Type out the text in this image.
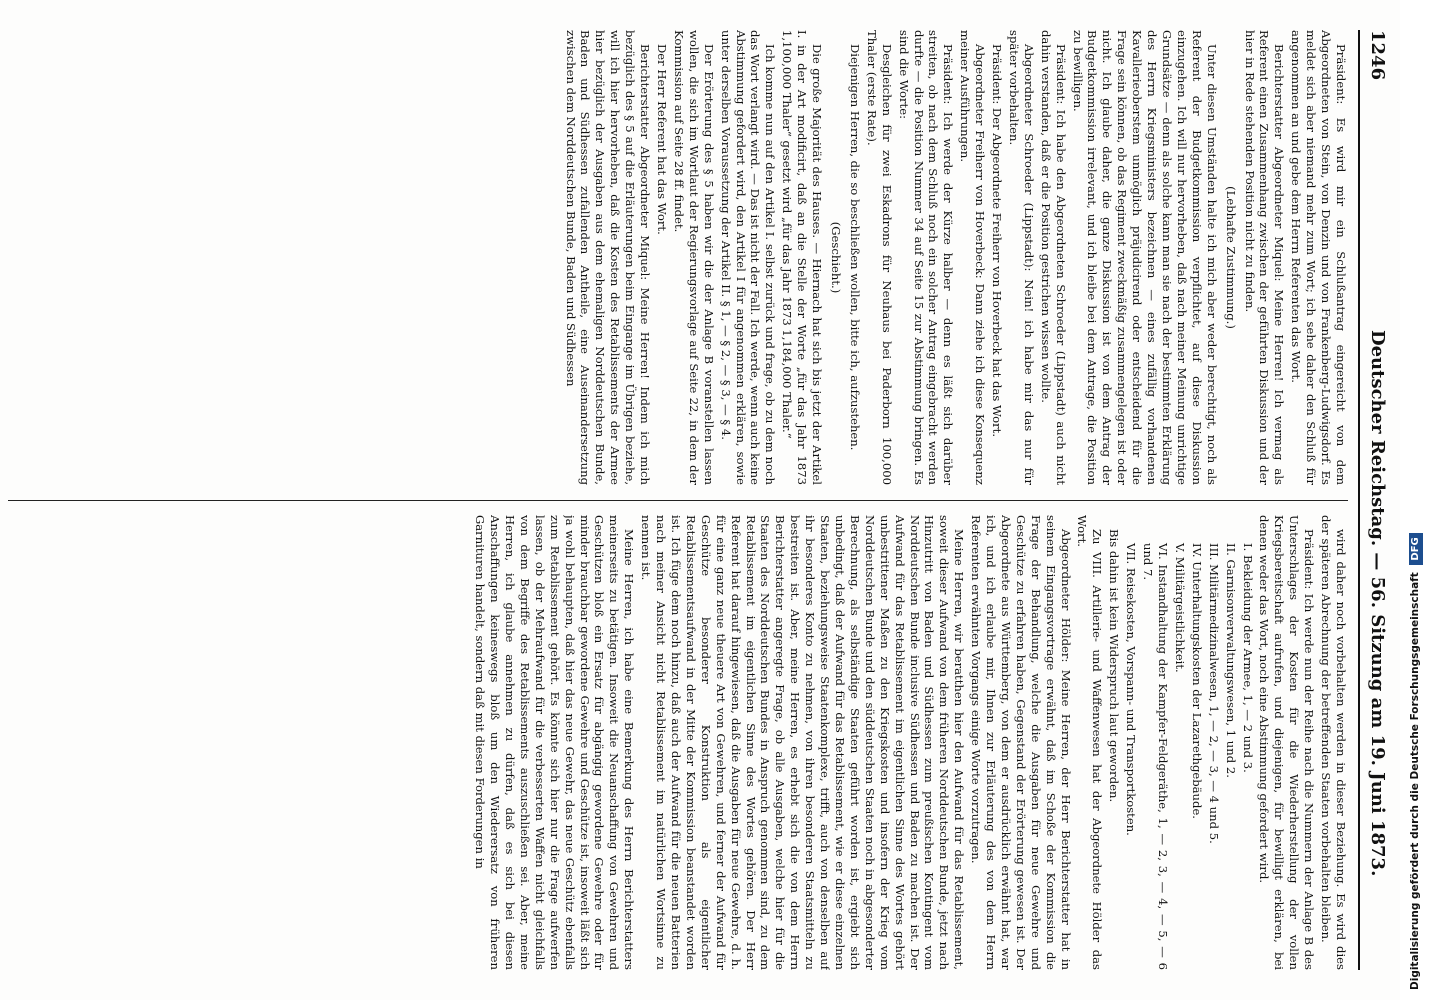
1246
Deutscher Reichstag. — 56. Sitzung am 19. Juni 1873.

Präsident: Es wird mir ein Schlußantrag eingereicht von dem Abgeordneten von Stein, von Denzin und von Frankenberg-Ludwigsdorf. Es meldet sich aber niemand mehr zum Wort; ich sehe daher den Schluß für angenommen an und gebe dem Herrn Referenten das Wort.

Berichterstatter Abgeordneter Miquel: Meine Herren! Ich vermag als Referent einen Zusammenhang zwischen der geführten Diskussion und der hier in Rede stehenden Position nicht zu finden.

(Lebhafte Zustimmung.)

Unter diesen Umständen halte ich mich aber weder berechtigt, noch als Referent der Budgetkommission verpflichtet, auf diese Diskussion einzugehen. Ich will nur hervorheben, daß nach meiner Meinung unrichtige Grundsätze — denn als solche kann man sie nach der bestimmten Erklärung des Herrn Kriegsministers bezeichnen — eines zufällig vorhandenen Kavallerieoberstem unmöglich präjudicirend oder entscheidend für die Frage sein können, ob das Regiment zweckmäßig zusammengelegen ist oder nicht. Ich glaube daher, die ganze Diskussion ist von dem Antrag der Budgetkommission irrelevant, und ich bleibe bei dem Antrage, die Position zu bewilligen.

Präsident: Ich habe den Abgeordneten Schroeder (Lippstadt) auch nicht dahin verstanden, daß er die Position gestrichen wissen wollte.

Abgeordneter Schroeder (Lippstadt): Nein! ich habe mir das nur für später vorbehalten.

Präsident: Der Abgeordnete Freiherr von Hoverbeck hat das Wort.

Abgeordneter Freiherr von Hoverbeck: Dann ziehe ich diese Konsequenz meiner Ausführungen.

Präsident: Ich werde der Kürze halber — denn es läßt sich darüber streiten, ob nach dem Schluß noch ein solcher Antrag eingebracht werden durfte — die Position Nummer 34 auf Seite 15 zur Abstimmung bringen. Es sind die Worte:

Desgleichen für zwei Eskadrons für Neuhaus bei Paderborn 100,000 Thaler (erste Rate).

Diejenigen Herren, die so beschließen wollen, bitte ich, aufzustehen.

(Geschieht.)

Die große Majorität des Hauses. — Hiernach hat sich bis jetzt der Artikel I. in der Art modificirt, daß an die Stelle der Worte „für das Jahr 1873 1,100,000 Thaler“ gesetzt wird „für das Jahr 1873 1,184,000 Thaler.“

Ich komme nun auf den Artikel I. selbst zurück und frage, ob zu dem noch das Wort verlangt wird. — Das ist nicht der Fall. Ich werde, wenn auch keine Abstimmung gefordert wird, den Artikel I für angenommen erklären, sowie unter derselben Voraussetzung der Artikel II. § 1, — § 2, — § 3, — § 4.

Der Erörterung des § 5 haben wir die der Anlage B voranstellen lassen wollen, die sich im Wortlaut der Regierungsvorlage auf Seite 22, in dem der Kommission auf Seite 28 ff. findet.

Der Herr Referent hat das Wort.

Berichterstatter Abgeordneter Miquel: Meine Herren! Indem ich mich bezüglich des § 5 auf die Erläuterungen beim Eingange im Übrigen beziehe, will ich hier hervorheben, daß die Kosten des Retablissements der Armee hier bezüglich der Ausgaben aus dem ehemaligen Norddeutschen Bunde, Baden und Südhessen zufallenden Antheile, eine Auseinandersetzung zwischen dem Norddeutschen Bunde, Baden und Südhessen

wird daher noch vorbehalten werden in dieser Beziehung. Es wird dies der späteren Abrechnung der betreffenden Staaten vorbehalten bleiben.

Präsident: Ich werde nun der Reihe nach die Nummern der Anlage B des Unterschlages der Kosten für die Wiederherstellung der vollen Kriegsbereitschaft aufrufen, und diejenigen, für bewilligt erklären, bei denen weder das Wort, noch eine Abstimmung gefordert wird.

I. Bekleidung der Armee, 1, — 2 und 3.

II. Garnisonverwaltungswesen, 1 und 2.

III. Militärmedizinalwesen, 1, — 2, — 3, — 4 und 5.

IV. Unterhaltungskosten der Lazarethgebäude.

V. Militärgeistlichkeit.

VI. Instandhaltung der Kampfer-Feldgeräthe, 1, — 2, 3, — 4, — 5, — 6 und 7.

VII. Reisekosten, Vorspann- und Transportkosten.

Bis dahin ist kein Widerspruch laut geworden.

Zu VIII. Artillerie- und Waffenwesen hat der Abgeordnete Hölder das Wort.

Abgeordneter Hölder: Meine Herren, der Herr Berichterstatter hat in seinem Eingangsvortrage erwähnt, daß im Schoße der Kommission die Frage der Behandlung, welche die Ausgaben für neue Gewehre und Geschütze zu erfahren haben, Gegenstand der Erörterung gewesen ist. Der Abgeordnete aus Württemberg, von dem er ausdrücklich erwähnt hat, war ich, und ich erlaube mir, Ihnen zur Erläuterung des von dem Herrn Referenten erwähnten Vorgangs einige Worte vorzutragen.

Meine Herren, wir beratthen hier den Aufwand für das Retablissement, soweit dieser Aufwand von dem früheren Norddeutschen Bunde, jetzt nach Hinzutritt von Baden und Südhessen zum preußischen Kontingent vom Norddeutschen Bunde inclusive Südhessen und Baden zu machen ist. Der Aufwand für das Retablissement im eigentlichen Sinne des Wortes gehört unbestrittener Maßen zu den Kriegskosten und insofern der Krieg vom Norddeutschen Bunde und den süddeutschen Staaten noch in abgesonderter Berechnung, als selbständige Staaten geführt worden ist, ergiebt sich unbedingt, daß der Aufwand für das Retablissement, wie er diese einzelnen Staaten, beziehungsweise Staatenkomplexe, trifft, auch von denselben auf ihr besonderes Konto zu nehmen, von ihren besonderen Staatsmitteln zu bestreiten ist. Aber, meine Herren, es erhebt sich die von dem Herrn Berichterstatter angeregte Frage, ob alle Ausgaben, welche hier für die Staaten des Norddeutschen Bundes in Anspruch genommen sind, zu dem Retablissement im eigentlichen Sinne des Wortes gehören. Der Herr Referent hat darauf hingewiesen, daß die Ausgaben für neue Gewehre, d. h. für eine ganz neue theuere Art von Gewehren, und ferner der Aufwand für Geschütze besonderer Konstruktion als eigentlicher Retablissementsaufwand in der Mitte der Kommission beanstandet worden ist. Ich füge dem noch hinzu, daß auch der Aufwand für die neuen Batterien nach meiner Ansicht nicht Retablissement im natürlichen Wortsinne zu nennen ist.

Meine Herren, ich habe eine Bemerkung des Herrn Berichterstatters meinerseits zu betätigen. Insoweit die Neuanschaffung von Gewehren und Geschützen bloß ein Ersatz für abgängig gewordene Gewehre oder für minder brauchbar gewordene Gewehre und Geschütze ist, insoweit läßt sich ja wohl behaupten, daß hier das neue Gewehr, das neue Geschütz ebenfalls zum Retablissement gehört. Es könnte sich hier nur die Frage aufwerfen lassen, ob der Mehraufwand für die verbesserten Waffen nicht gleichfalls von dem Begriffe des Retablissements auszuschließen sei. Aber, meine Herren, ich glaube annehmen zu dürfen, daß es sich bei diesen Anschaffungen keineswegs bloß um den Wiederersatz von früheren Garnituren handelt, sondern daß mit diesen Forderungen in	Digitalisierung gefördert durch die Deutsche Forschungsgemeinschaft DFG
